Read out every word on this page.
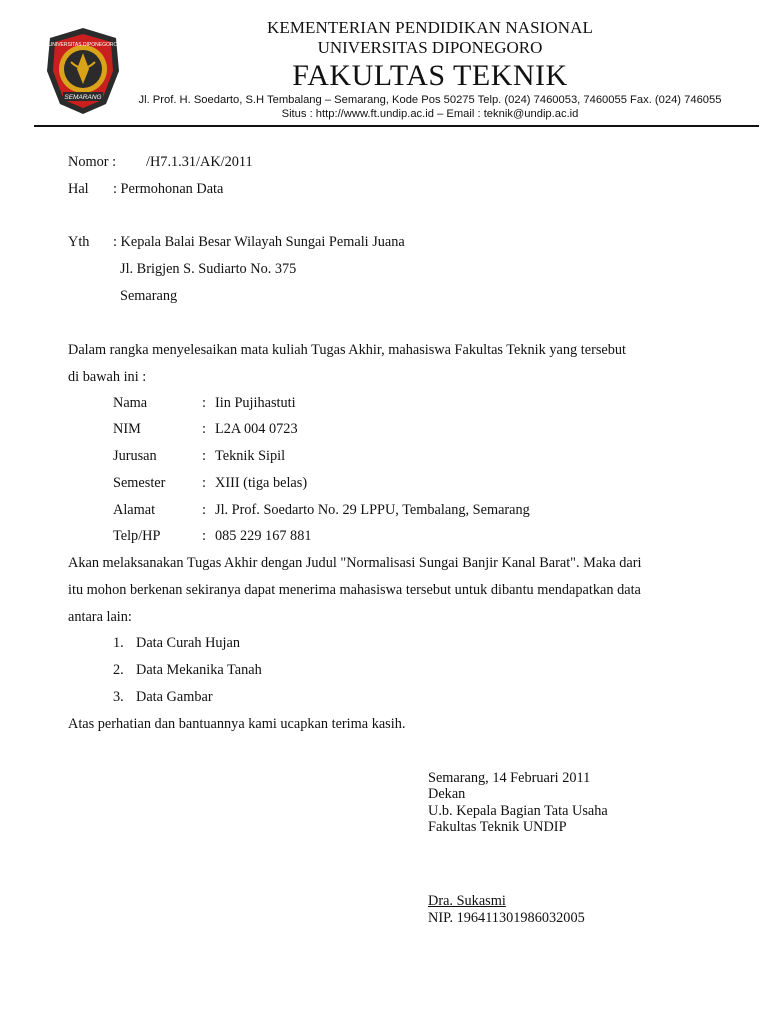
SEMARANG
UNIVERSITAS DIPONEGORO
KEMENTERIAN PENDIDIKAN NASIONAL
UNIVERSITAS DIPONEGORO
FAKULTAS TEKNIK
Jl. Prof. H. Soedarto, S.H Tembalang – Semarang, Kode Pos 50275 Telp. (024) 7460053, 7460055 Fax. (024) 746055
Situs : http://www.ft.undip.ac.id – Email : teknik@undip.ac.id
Nomor : /H7.1.31/AK/2011
Hal : Permohonan Data
Yth : Kepala Balai Besar Wilayah Sungai Pemali Juana
Jl. Brigjen S. Sudiarto No. 375
Semarang
Dalam rangka menyelesaikan mata kuliah Tugas Akhir, mahasiswa Fakultas Teknik yang tersebut
di bawah ini :
Nama	: Iin Pujihastuti
NIM	: L2A 004 0723
Jurusan	: Teknik Sipil
Semester	: XIII (tiga belas)
Alamat	: Jl. Prof. Soedarto No. 29 LPPU, Tembalang, Semarang
Telp/HP	: 085 229 167 881
Akan melaksanakan Tugas Akhir dengan Judul "Normalisasi Sungai Banjir Kanal Barat". Maka dari
itu mohon berkenan sekiranya dapat menerima mahasiswa tersebut untuk dibantu mendapatkan data
antara lain:
1. Data Curah Hujan
2. Data Mekanika Tanah
3. Data Gambar
Atas perhatian dan bantuannya kami ucapkan terima kasih.
Semarang, 14 Februari 2011
Dekan
U.b. Kepala Bagian Tata Usaha
Fakultas Teknik UNDIP
Dra. Sukasmi
NIP. 196411301986032005
